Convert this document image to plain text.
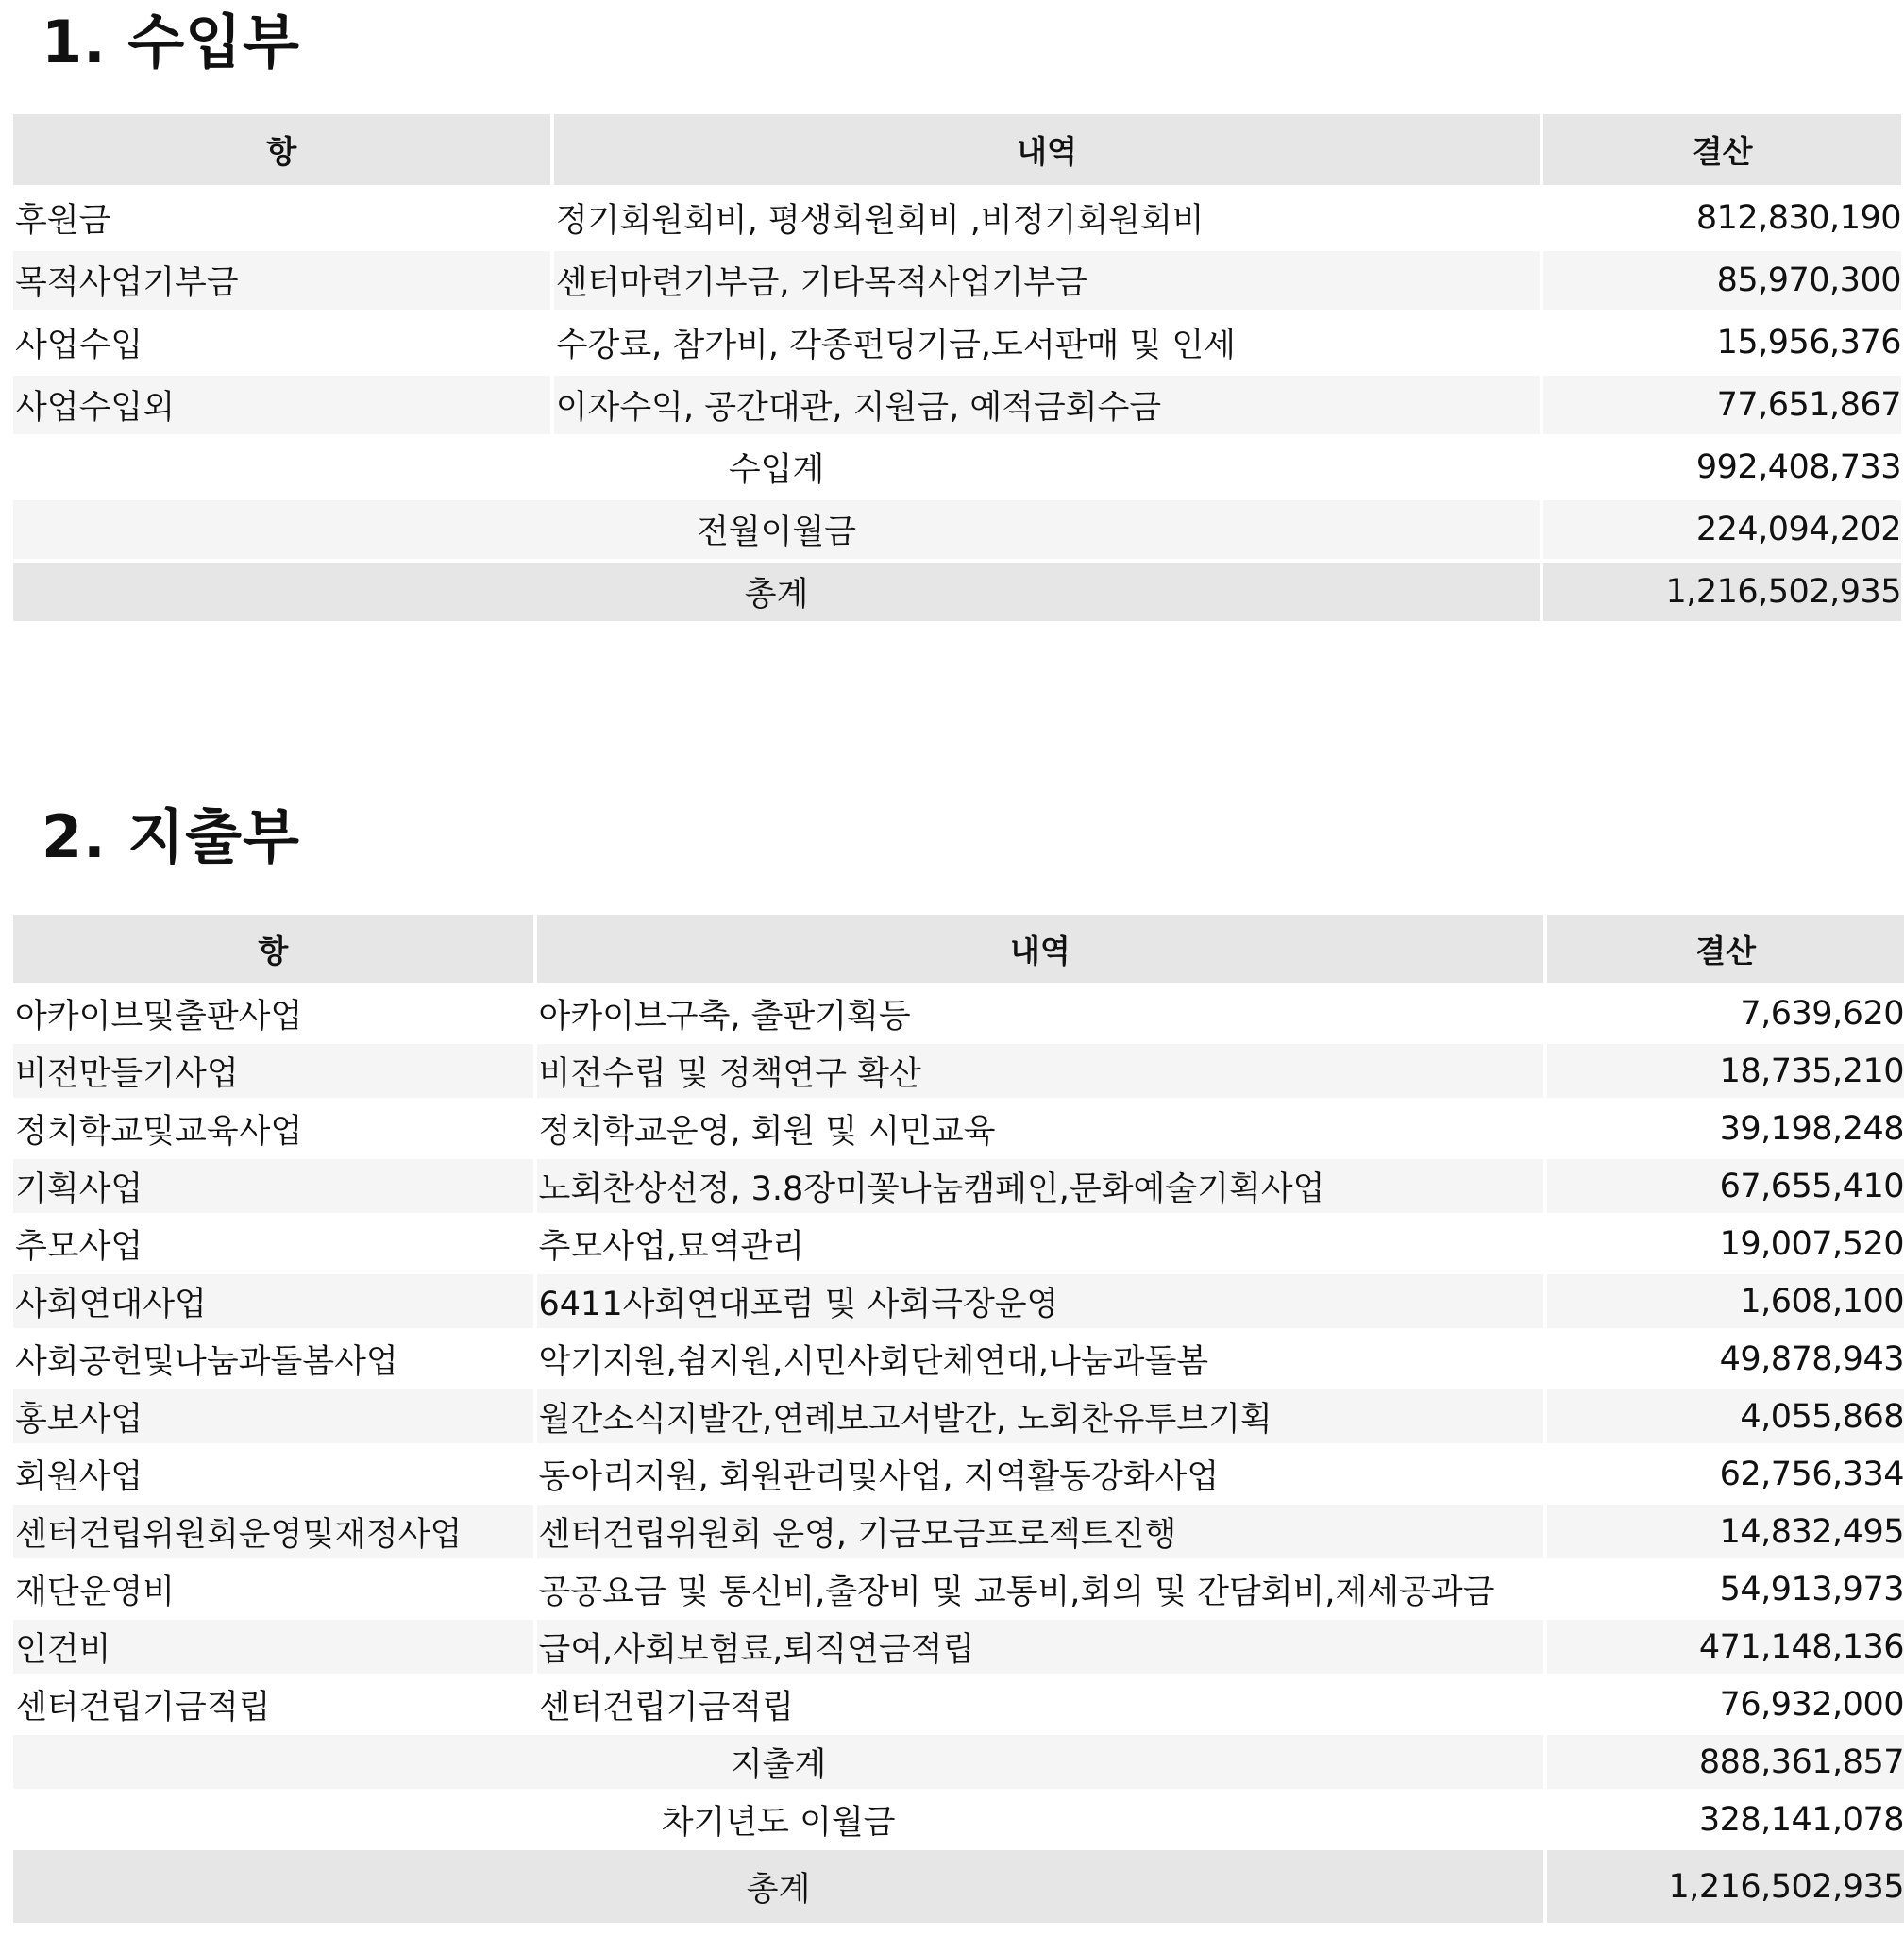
1. 수입부
항	내역	결산
후원금	정기회원회비, 평생회원회비 ,비정기회원회비	812,830,190
목적사업기부금	센터마련기부금, 기타목적사업기부금	85,970,300
사업수입	수강료, 참가비, 각종펀딩기금,도서판매 및 인세	15,956,376
사업수입외	이자수익, 공간대관, 지원금, 예적금회수금	77,651,867
수입계		992,408,733
전월이월금		224,094,202
총계		1,216,502,935
2. 지출부
항	내역	결산
아카이브및출판사업	아카이브구축, 출판기획등	7,639,620
비전만들기사업	비전수립 및 정책연구 확산	18,735,210
정치학교및교육사업	정치학교운영, 회원 및 시민교육	39,198,248
기획사업	노회찬상선정, 3.8장미꽃나눔캠페인,문화예술기획사업	67,655,410
추모사업	추모사업,묘역관리	19,007,520
사회연대사업	6411사회연대포럼 및 사회극장운영	1,608,100
사회공헌및나눔과돌봄사업	악기지원,쉼지원,시민사회단체연대,나눔과돌봄	49,878,943
홍보사업	월간소식지발간,연례보고서발간, 노회찬유투브기획	4,055,868
회원사업	동아리지원, 회원관리및사업, 지역활동강화사업	62,756,334
센터건립위원회운영및재정사업	센터건립위원회 운영, 기금모금프로젝트진행	14,832,495
재단운영비	공공요금 및 통신비,출장비 및 교통비,회의 및 간담회비,제세공과금	54,913,973
인건비	급여,사회보험료,퇴직연금적립	471,148,136
센터건립기금적립	센터건립기금적립	76,932,000
지출계		888,361,857
차기년도 이월금		328,141,078
총계		1,216,502,935
